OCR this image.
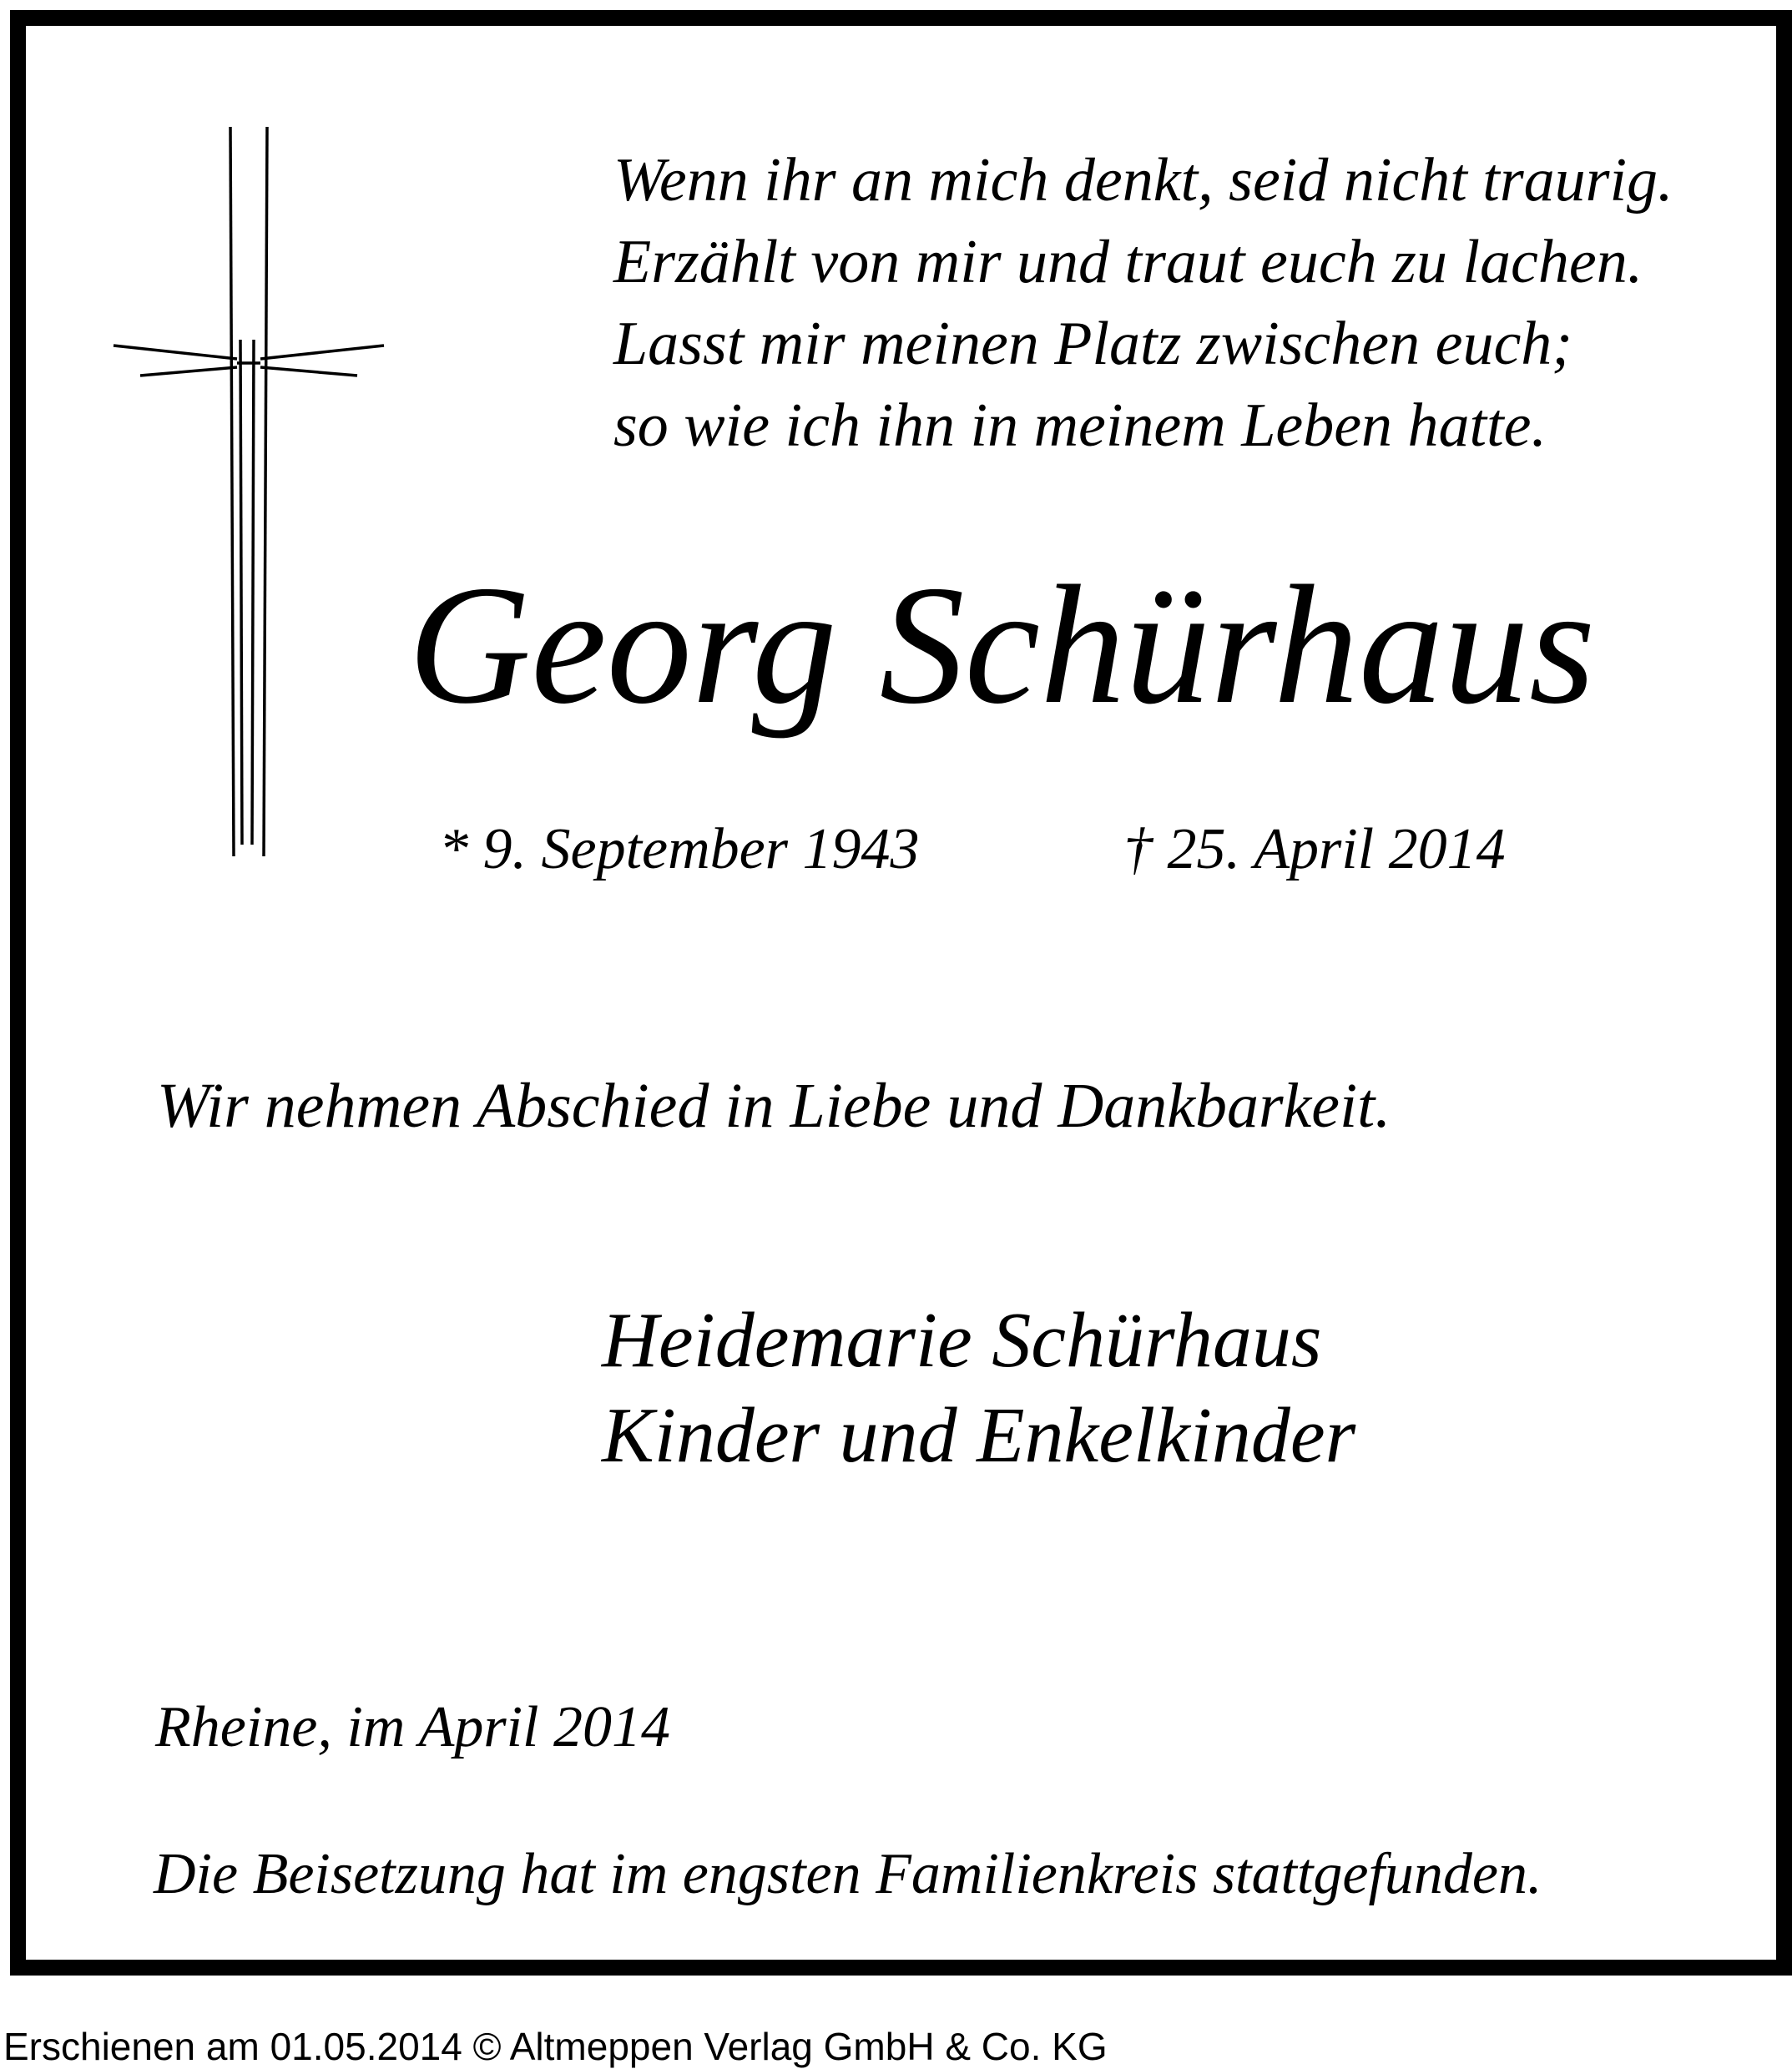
Wenn ihr an mich denkt, seid nicht traurig.
Erzählt von mir und traut euch zu lachen.
Lasst mir meinen Platz zwischen euch;
so wie ich ihn in meinem Leben hatte.
Georg Schürhaus
* 9. September 1943	† 25. April 2014
Wir nehmen Abschied in Liebe und Dankbarkeit.
Heidemarie Schürhaus
Kinder und Enkelkinder
Rheine, im April 2014
Die Beisetzung hat im engsten Familienkreis stattgefunden.
Erschienen am 01.05.2014 © Altmeppen Verlag GmbH & Co. KG
